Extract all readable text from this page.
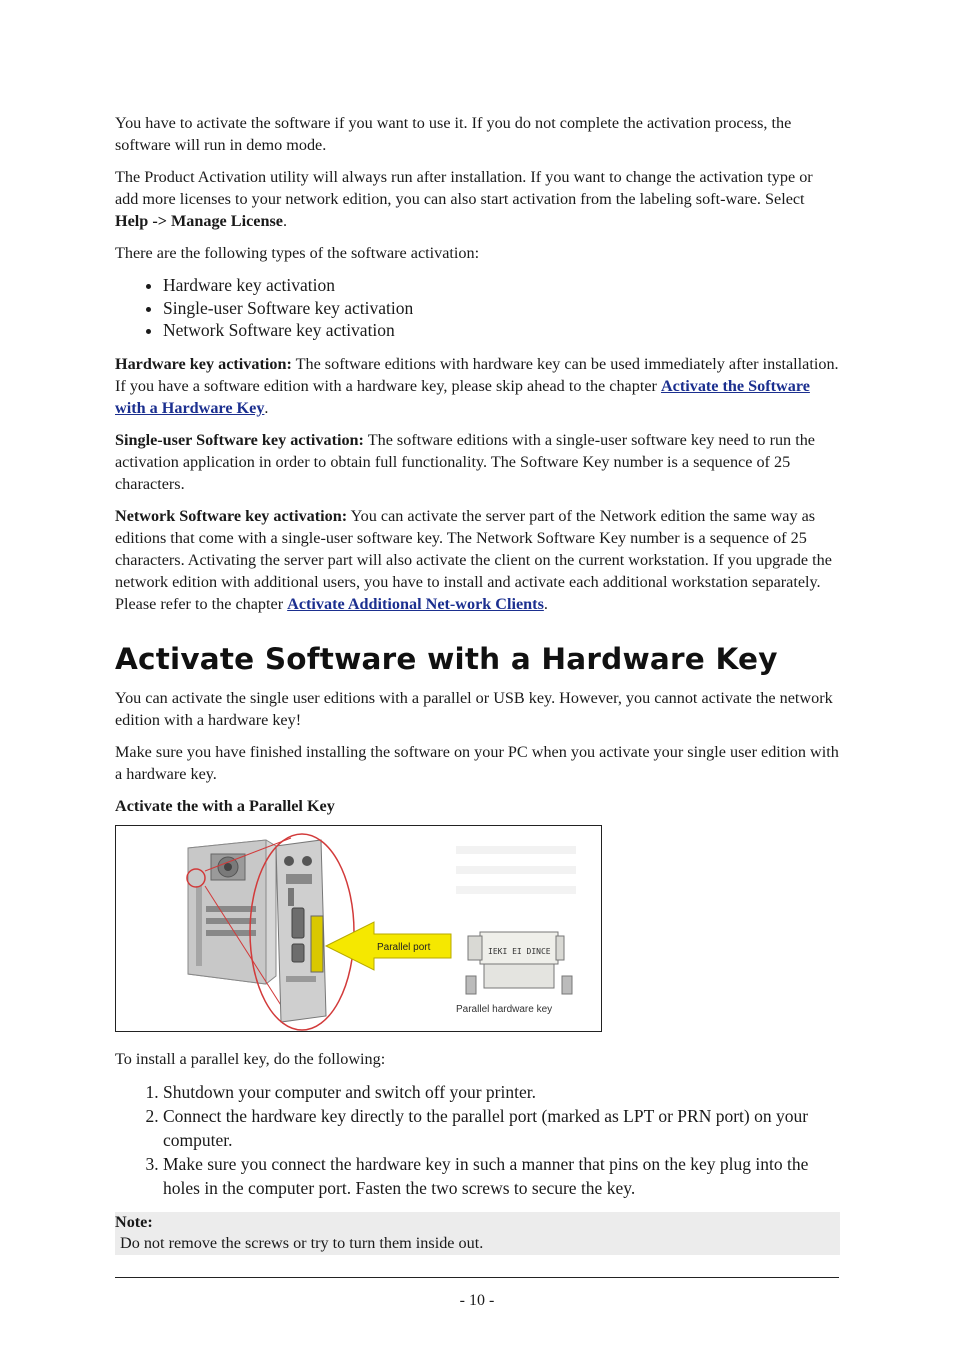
You have to activate the software if you want to use it. If you do not complete the activation process, the software will run in demo mode.

The Product Activation utility will always run after installation. If you want to change the activation type or add more licenses to your network edition, you can also start activation from the labeling soft-ware. Select Help -> Manage License.

There are the following types of the software activation:

• Hardware key activation
• Single-user Software key activation
• Network Software key activation

Hardware key activation: The software editions with hardware key can be used immediately after installation. If you have a software edition with a hardware key, please skip ahead to the chapter Activate the Software with a Hardware Key.

Single-user Software key activation: The software editions with a single-user software key need to run the activation application in order to obtain full functionality. The Software Key number is a sequence of 25 characters.

Network Software key activation: You can activate the server part of the Network edition the same way as editions that come with a single-user software key. The Network Software Key number is a sequence of 25 characters. Activating the server part will also activate the client on the current workstation. If you upgrade the network edition with additional users, you have to install and activate each additional workstation separately. Please refer to the chapter Activate Additional Net-work Clients.

Activate Software with a Hardware Key

You can activate the single user editions with a parallel or USB key. However, you cannot activate the network edition with a hardware key!

Make sure you have finished installing the software on your PC when you activate your single user edition with a hardware key.

Activate the with a Parallel Key
Parallel port	IEKI EI DINCE
Parallel hardware key

To install a parallel key, do the following:

1. Shutdown your computer and switch off your printer.
2. Connect the hardware key directly to the parallel port (marked as LPT or PRN port) on your computer.
3. Make sure you connect the hardware key in such a manner that pins on the key plug into the holes in the computer port. Fasten the two screws to secure the key.
Note:
Do not remove the screws or try to turn them inside out.
- 10 -
